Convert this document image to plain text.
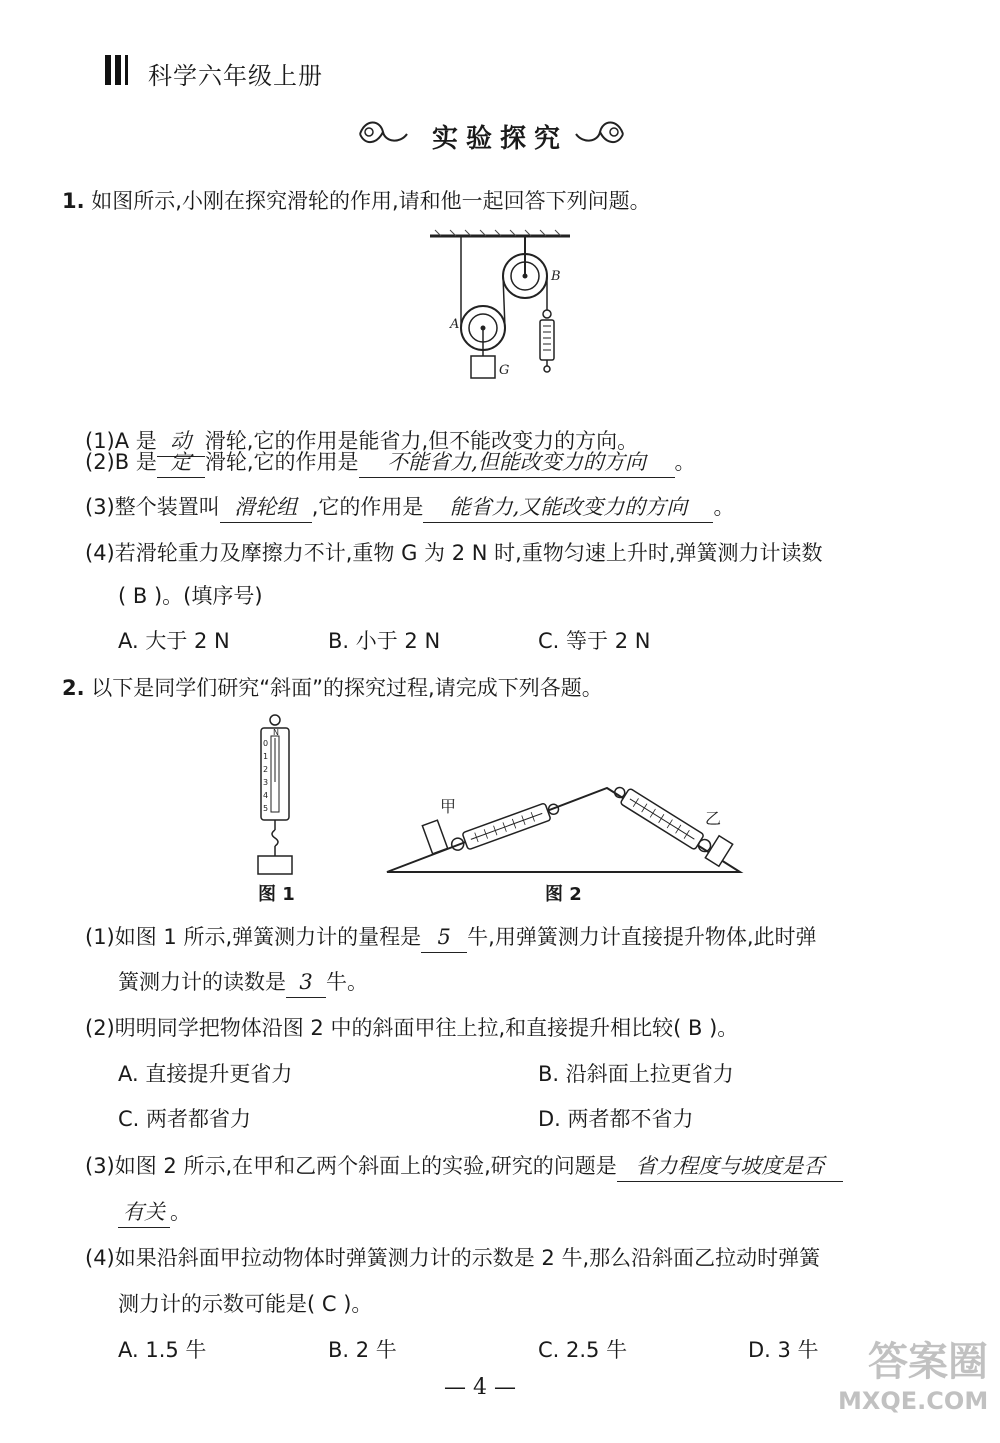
科学六年级上册
实验探究
1. 如图所示,小刚在探究滑轮的作用,请和他一起回答下列问题。
B
A
G
(1)A 是 动 滑轮,它的作用是能省力,但不能改变力的方向。
(2)B 是 定 滑轮,它的作用是 不能省力,但能改变力的方向 。
(3)整个装置叫 滑轮组 ,它的作用是 能省力,又能改变力的方向 。
(4)若滑轮重力及摩擦力不计,重物 G 为 2 N 时,重物匀速上升时,弹簧测力计读数
( B )。(填序号)
A. 大于 2 N	B. 小于 2 N	C. 等于 2 N
2. 以下是同学们研究“斜面”的探究过程,请完成下列各题。
N
0
1
2
3
4
5
图 1
甲
乙
图 2
(1)如图 1 所示,弹簧测力计的量程是 5 牛,用弹簧测力计直接提升物体,此时弹
簧测力计的读数是 3 牛。
(2)明明同学把物体沿图 2 中的斜面甲往上拉,和直接提升相比较( B )。
A. 直接提升更省力	B. 沿斜面上拉更省力
C. 两者都省力	D. 两者都不省力
(3)如图 2 所示,在甲和乙两个斜面上的实验,研究的问题是 省力程度与坡度是否
有关 。
(4)如果沿斜面甲拉动物体时弹簧测力计的示数是 2 牛,那么沿斜面乙拉动时弹簧
测力计的示数可能是( C )。
A. 1.5 牛	B. 2 牛	C. 2.5 牛	D. 3 牛
— 4 —
答案圈
MXQE.COM
